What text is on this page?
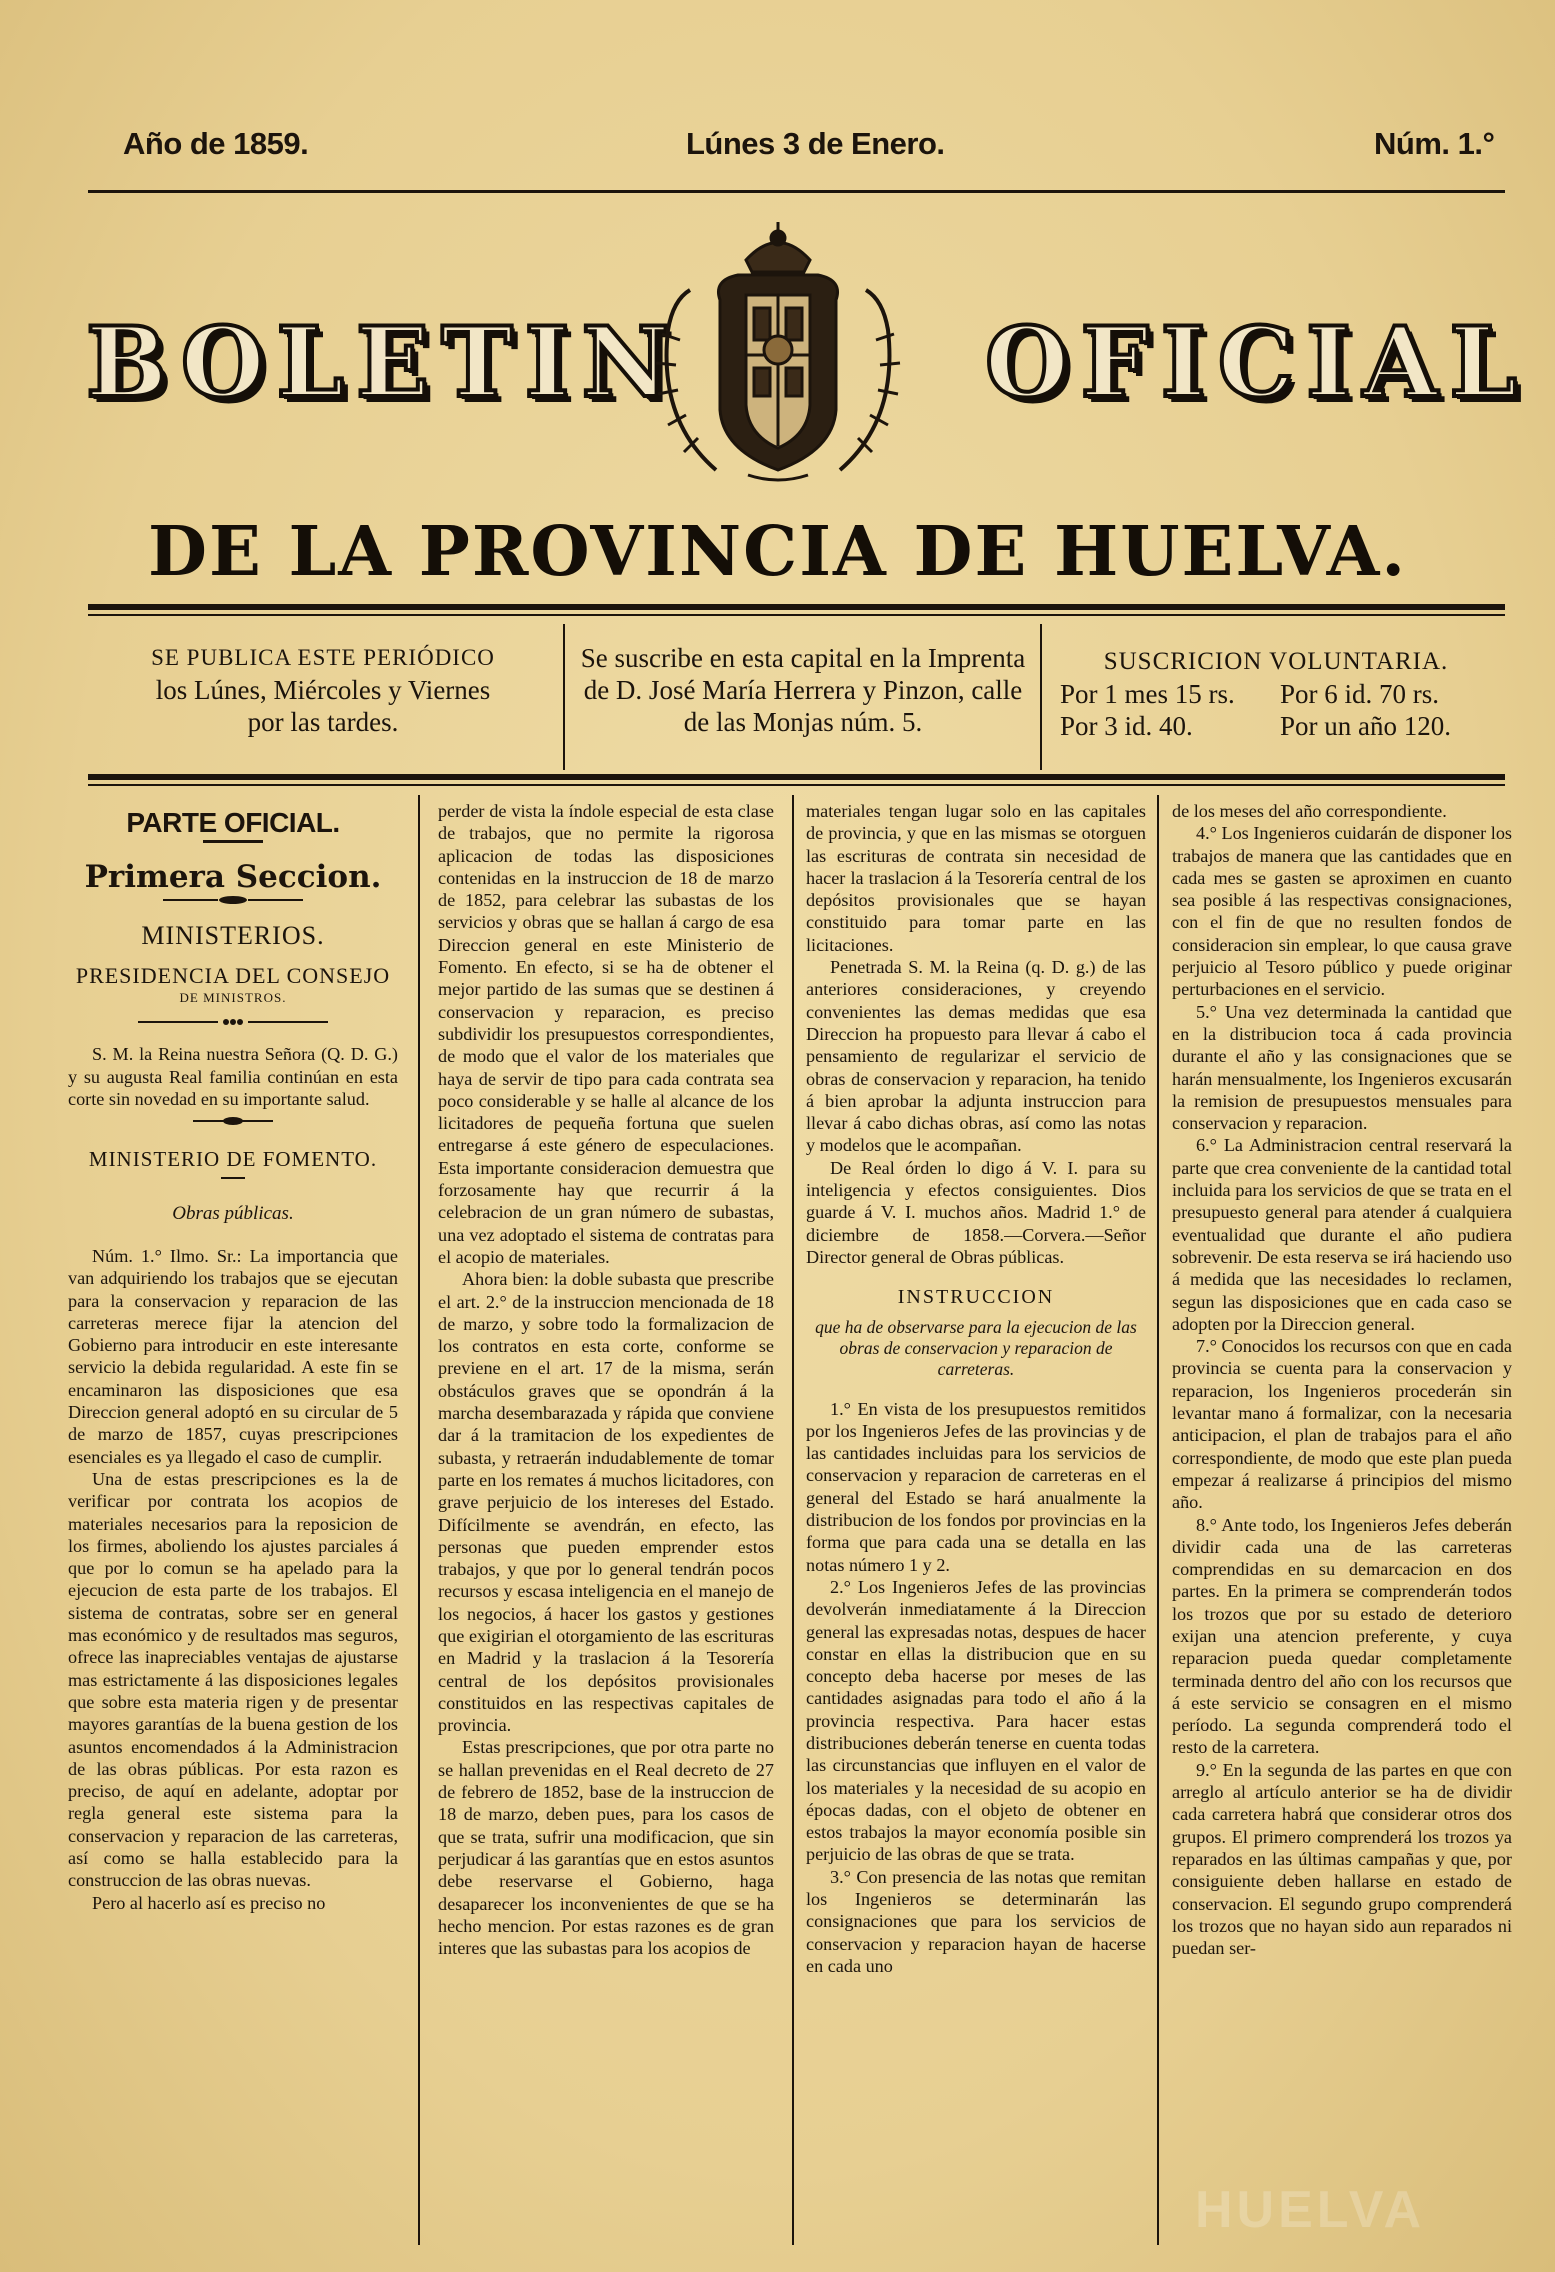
Año de 1859.	Lúnes 3 de Enero.	Núm. 1.°
BOLETIN	OFICIAL
DE LA PROVINCIA DE HUELVA.
SE PUBLICA ESTE PERIÓDICO
los Lúnes, Miércoles y Viernes
por las tardes.
Se suscribe en esta capital en la Imprenta
de D. José María Herrera y Pinzon, calle
de las Monjas núm. 5.
SUSCRICION VOLUNTARIA.
Por 1 mes 15 rs.	Por 6 id. 70 rs.
Por 3 id. 40.	Por un año 120.
PARTE OFICIAL.
Primera Seccion.
MINISTERIOS.
PRESIDENCIA DEL CONSEJO
DE MINISTROS.

S. M. la Reina nuestra Señora (Q. D. G.) y su augusta Real familia continúan en esta corte sin novedad en su importante salud.

MINISTERIO DE FOMENTO.
Obras públicas.

Núm. 1.° Ilmo. Sr.: La importancia que van adquiriendo los trabajos que se ejecutan para la conservacion y reparacion de las carreteras merece fijar la atencion del Gobierno para introducir en este interesante servicio la debida regularidad. A este fin se encaminaron las disposiciones que esa Direccion general adoptó en su circular de 5 de marzo de 1857, cuyas prescripciones esenciales es ya llegado el caso de cumplir.

Una de estas prescripciones es la de verificar por contrata los acopios de materiales necesarios para la reposicion de los firmes, aboliendo los ajustes parciales á que por lo comun se ha apelado para la ejecucion de esta parte de los trabajos. El sistema de contratas, sobre ser en general mas económico y de resultados mas seguros, ofrece las inapreciables ventajas de ajustarse mas estrictamente á las disposiciones legales que sobre esta materia rigen y de presentar mayores garantías de la buena gestion de los asuntos encomendados á la Administracion de las obras públicas. Por esta razon es preciso, de aquí en adelante, adoptar por regla general este sistema para la conservacion y reparacion de las carreteras, así como se halla establecido para la construccion de las obras nuevas.

Pero al hacerlo así es preciso no

perder de vista la índole especial de esta clase de trabajos, que no permite la rigorosa aplicacion de todas las disposiciones contenidas en la instruccion de 18 de marzo de 1852, para celebrar las subastas de los servicios y obras que se hallan á cargo de esa Direccion general en este Ministerio de Fomento. En efecto, si se ha de obtener el mejor partido de las sumas que se destinen á conservacion y reparacion, es preciso subdividir los presupuestos correspondientes, de modo que el valor de los materiales que haya de servir de tipo para cada contrata sea poco considerable y se halle al alcance de los licitadores de pequeña fortuna que suelen entregarse á este género de especulaciones. Esta importante consideracion demuestra que forzosamente hay que recurrir á la celebracion de un gran número de subastas, una vez adoptado el sistema de contratas para el acopio de materiales.

Ahora bien: la doble subasta que prescribe el art. 2.° de la instruccion mencionada de 18 de marzo, y sobre todo la formalizacion de los contratos en esta corte, conforme se previene en el art. 17 de la misma, serán obstáculos graves que se opondrán á la marcha desembarazada y rápida que conviene dar á la tramitacion de los expedientes de subasta, y retraerán indudablemente de tomar parte en los remates á muchos licitadores, con grave perjuicio de los intereses del Estado. Difícilmente se avendrán, en efecto, las personas que pueden emprender estos trabajos, y que por lo general tendrán pocos recursos y escasa inteligencia en el manejo de los negocios, á hacer los gastos y gestiones que exigirian el otorgamiento de las escrituras en Madrid y la traslacion á la Tesorería central de los depósitos provisionales constituidos en las respectivas capitales de provincia.

Estas prescripciones, que por otra parte no se hallan prevenidas en el Real decreto de 27 de febrero de 1852, base de la instruccion de 18 de marzo, deben pues, para los casos de que se trata, sufrir una modificacion, que sin perjudicar á las garantías que en estos asuntos debe reservarse el Gobierno, haga desaparecer los inconvenientes de que se ha hecho mencion. Por estas razones es de gran interes que las subastas para los acopios de

materiales tengan lugar solo en las capitales de provincia, y que en las mismas se otorguen las escrituras de contrata sin necesidad de hacer la traslacion á la Tesorería central de los depósitos provisionales que se hayan constituido para tomar parte en las licitaciones.

Penetrada S. M. la Reina (q. D. g.) de las anteriores consideraciones, y creyendo convenientes las demas medidas que esa Direccion ha propuesto para llevar á cabo el pensamiento de regularizar el servicio de obras de conservacion y reparacion, ha tenido á bien aprobar la adjunta instruccion para llevar á cabo dichas obras, así como las notas y modelos que le acompañan.

De Real órden lo digo á V. I. para su inteligencia y efectos consiguientes. Dios guarde á V. I. muchos años. Madrid 1.° de diciembre de 1858.—Corvera.—Señor Director general de Obras públicas.

INSTRUCCION
que ha de observarse para la ejecucion de las obras de conservacion y reparacion de carreteras.

1.° En vista de los presupuestos remitidos por los Ingenieros Jefes de las provincias y de las cantidades incluidas para los servicios de conservacion y reparacion de carreteras en el general del Estado se hará anualmente la distribucion de los fondos por provincias en la forma que para cada una se detalla en las notas número 1 y 2.

2.° Los Ingenieros Jefes de las provincias devolverán inmediatamente á la Direccion general las expresadas notas, despues de hacer constar en ellas la distribucion que en su concepto deba hacerse por meses de las cantidades asignadas para todo el año á la provincia respectiva. Para hacer estas distribuciones deberán tenerse en cuenta todas las circunstancias que influyen en el valor de los materiales y la necesidad de su acopio en épocas dadas, con el objeto de obtener en estos trabajos la mayor economía posible sin perjuicio de las obras de que se trata.

3.° Con presencia de las notas que remitan los Ingenieros se determinarán las consignaciones que para los servicios de conservacion y reparacion hayan de hacerse en cada uno

de los meses del año correspondiente.

4.° Los Ingenieros cuidarán de disponer los trabajos de manera que las cantidades que en cada mes se gasten se aproximen en cuanto sea posible á las respectivas consignaciones, con el fin de que no resulten fondos de consideracion sin emplear, lo que causa grave perjuicio al Tesoro público y puede originar perturbaciones en el servicio.

5.° Una vez determinada la cantidad que en la distribucion toca á cada provincia durante el año y las consignaciones que se harán mensualmente, los Ingenieros excusarán la remision de presupuestos mensuales para conservacion y reparacion.

6.° La Administracion central reservará la parte que crea conveniente de la cantidad total incluida para los servicios de que se trata en el presupuesto general para atender á cualquiera eventualidad que durante el año pudiera sobrevenir. De esta reserva se irá haciendo uso á medida que las necesidades lo reclamen, segun las disposiciones que en cada caso se adopten por la Direccion general.

7.° Conocidos los recursos con que en cada provincia se cuenta para la conservacion y reparacion, los Ingenieros procederán sin levantar mano á formalizar, con la necesaria anticipacion, el plan de trabajos para el año correspondiente, de modo que este plan pueda empezar á realizarse á principios del mismo año.

8.° Ante todo, los Ingenieros Jefes deberán dividir cada una de las carreteras comprendidas en su demarcacion en dos partes. En la primera se comprenderán todos los trozos que por su estado de deterioro exijan una atencion preferente, y cuya reparacion pueda quedar completamente terminada dentro del año con los recursos que á este servicio se consagren en el mismo período. La segunda comprenderá todo el resto de la carretera.

9.° En la segunda de las partes en que con arreglo al artículo anterior se ha de dividir cada carretera habrá que considerar otros dos grupos. El primero comprenderá los trozos ya reparados en las últimas campañas y que, por consiguiente deben hallarse en estado de conservacion. El segundo grupo comprenderá los trozos que no hayan sido aun reparados ni puedan ser-

HUELVA
